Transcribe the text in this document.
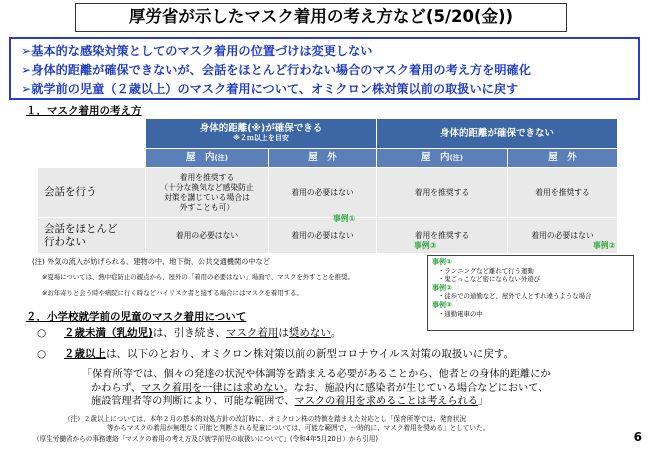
厚労省が示したマスク着用の考え方など(5/20(金))
➢基本的な感染対策としてのマスク着用の位置づけは変更しない
➢身体的距離が確保できないが、会話をほとんど行わない場合のマスク着用の考え方を明確化
➢就学前の児童（２歳以上）のマスク着用について、オミクロン株対策以前の取扱いに戻す
１．マスク着用の考え方

	身体的距離(※)が確保できる
※２ｍ以上を目安		身体的距離が確保できない	
	屋　内(注)	屋　外	屋　内(注)	屋　外
会話を行う	着用を推奨する
（十分な換気など感染防止
対策を講じている場合は
外すことも可）	着用の必要はない	着用を推奨する	着用を推奨する
会話をほとんど
行わない	着用の必要はない	着用の必要はない	着用を推奨する	着用の必要はない
事例①
事例③	事例②
(注) 外気の流入が妨げられる、建物の中、地下街、公共交通機関の中など
※夏場については、熱中症防止の観点から、屋外の「着用の必要はない」場面で、マスクを外すことを推奨。
※お年寄りと会う時や病院に行く時などハイリスク者と接する場合にはマスクを着用する。
事例①
・ランニングなど離れて行う運動
・鬼ごっこなど密にならない外遊び
事例②
・徒歩での通勤など、屋外で人とすれ違うような場合
事例③
・通勤電車の中
２．小学校就学前の児童のマスク着用について
○ ２歳未満（乳幼児)は、引き続き、マスク着用は奨めない。
○ ２歳以上は、以下のとおり、オミクロン株対策以前の新型コロナウイルス対策の取扱いに戻す。
「保育所等では、個々の発達の状況や体調等を踏まえる必要があることから、他者との身体的距離にか
かわらず、マスク着用を一律には求めない。なお、施設内に感染者が生じている場合などにおいて、
施設管理者等の判断により、可能な範囲で、マスクの着用を求めることは考えられる」
（注）２歳以上については、本年２月の基本的対処方針の改訂時に、オミクロン株の特徴を踏まえた対応とし「保育所等では、発育状況
等からマスクの着用が無理なく可能と判断される児童については、可能な範囲で、一時的に、マスク着用を奨める」としていた。
（厚生労働省からの事務連絡「マスクの着用の考え方及び就学前児の取扱いについて」(令和4年5月20日）から引用)	6
